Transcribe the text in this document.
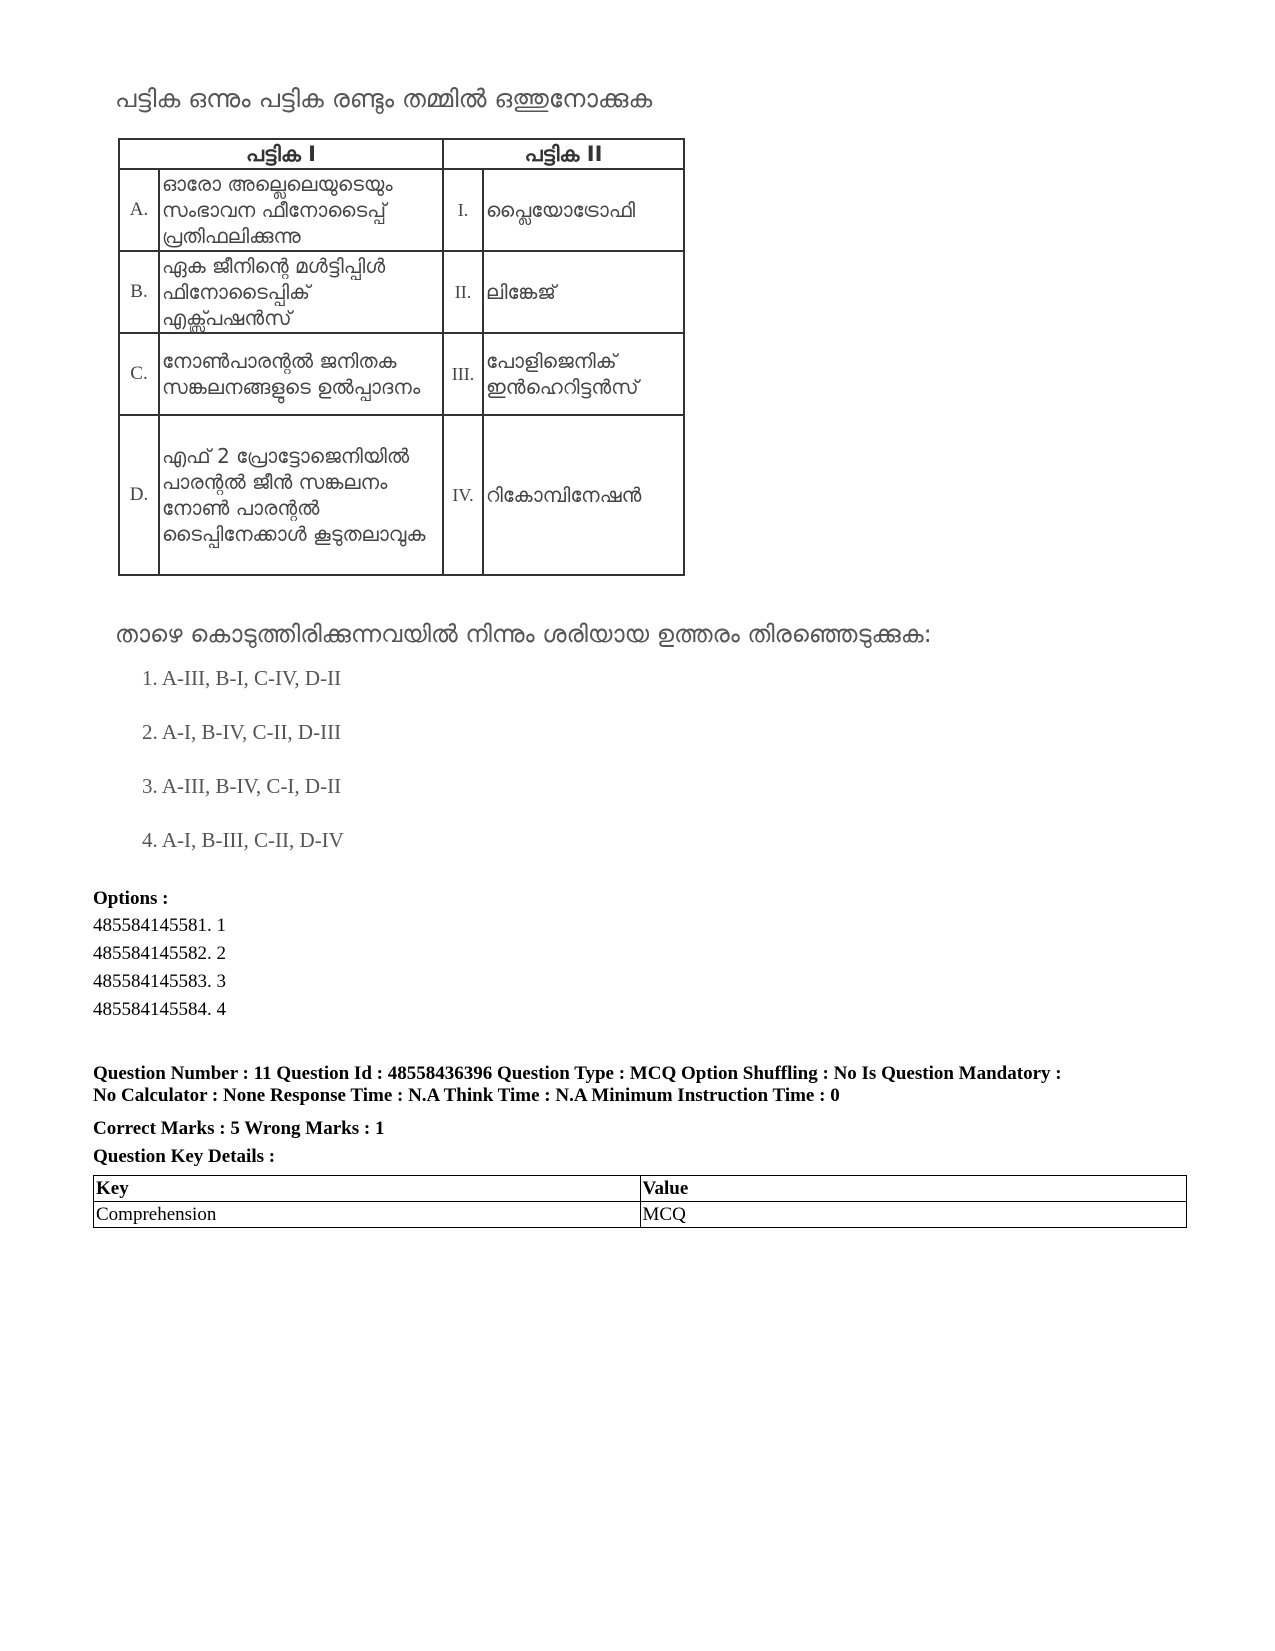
പട്ടിക ഒന്നും പട്ടിക രണ്ടും തമ്മിൽ ഒത്തുനോക്കുക
പട്ടിക I		പട്ടിക II	
A.	ഓരോ അല്ലെലെയുടെയും സംഭാവന ഫീനോടൈപ്പ് പ്രതിഫലിക്കുന്നു	I.	പ്ലൈയോട്രോഫി
B.	ഏക ജീനിന്റെ മൾട്ടിപ്പിൾ ഫിനോടൈപ്പിക് എക്സ്പ്രഷൻസ്	II.	ലിങ്കേജ്
C.	നോൺപാരന്റൽ ജനിതക സങ്കലനങ്ങളുടെ ഉൽപ്പാദനം	III.	പോളിജെനിക് ഇൻഹെറിട്ടൻസ്
D.	എഫ് 2 പ്രോട്ടോജെനിയിൽ പാരന്റൽ ജീൻ സങ്കലനം നോൺ പാരന്റൽ ടൈപ്പിനേക്കാൾ കൂടുതലാവുക	IV.	റികോമ്പിനേഷൻ
താഴെ കൊടുത്തിരിക്കുന്നവയിൽ നിന്നും ശരിയായ ഉത്തരം തിരഞ്ഞെടുക്കുക:
1. A-III, B-I, C-IV, D-II
2. A-I, B-IV, C-II, D-III
3. A-III, B-IV, C-I, D-II
4. A-I, B-III, C-II, D-IV
Options :
485584145581. 1
485584145582. 2
485584145583. 3
485584145584. 4
Question Number : 11 Question Id : 48558436396 Question Type : MCQ Option Shuffling : No Is Question Mandatory :
No Calculator : None Response Time : N.A Think Time : N.A Minimum Instruction Time : 0
Correct Marks : 5 Wrong Marks : 1
Question Key Details :
Key	Value
Comprehension	MCQ
